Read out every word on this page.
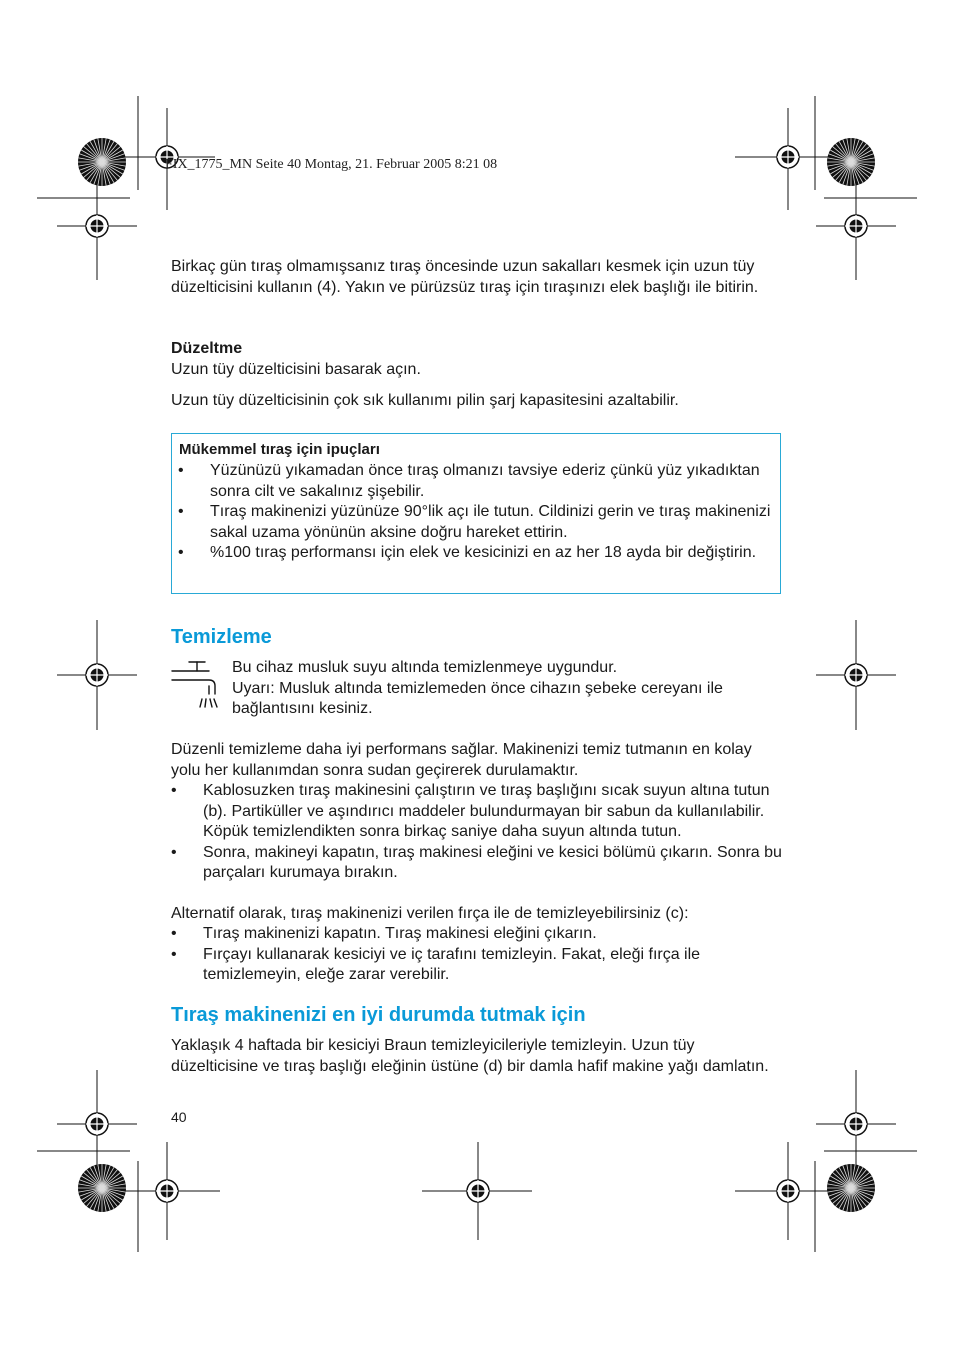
FIX_1775_MN Seite 40 Montag, 21. Februar 2005 8:21 08

Birkaç gün tıraş olmamışsanız tıraş öncesinde uzun sakalları kesmek için uzun tüy düzelticisini kullanın (4). Yakın ve pürüzsüz tıraş için tıraşınızı elek başlığı ile bitirin.

Düzeltme

Uzun tüy düzelticisini basarak açın.

Uzun tüy düzelticisinin çok sık kullanımı pilin şarj kapasitesini azaltabilir.

Mükemmel tıraş için ipuçları
• Yüzünüzü yıkamadan önce tıraş olmanızı tavsiye ederiz çünkü yüz yıkadıktan sonra cilt ve sakalınız şişebilir.
• Tıraş makinenizi yüzünüze 90°lik açı ile tutun. Cildinizi gerin ve tıraş makinenizi sakal uzama yönünün aksine doğru hareket ettirin.
• %100 tıraş performansı için elek ve kesicinizi en az her 18 ayda bir değiştirin.
Temizleme

Bu cihaz musluk suyu altında temizlenmeye uygundur.
Uyarı: Musluk altında temizlemeden önce cihazın şebeke cereyanı ile bağlantısını kesiniz.

Düzenli temizleme daha iyi performans sağlar. Makinenizi temiz tutmanın en kolay yolu her kullanımdan sonra sudan geçirerek durulamaktır.

• Kablosuzken tıraş makinesini çalıştırın ve tıraş başlığını sıcak suyun altına tutun (b). Partiküller ve aşındırıcı maddeler bulundurmayan bir sabun da kullanılabilir. Köpük temizlendikten sonra birkaç saniye daha suyun altında tutun.
• Sonra, makineyi kapatın, tıraş makinesi eleğini ve kesici bölümü çıkarın. Sonra bu parçaları kurumaya bırakın.

Alternatif olarak, tıraş makinenizi verilen fırça ile de temizleyebilirsiniz (c):

• Tıraş makinenizi kapatın. Tıraş makinesi eleğini çıkarın.
• Fırçayı kullanarak kesiciyi ve iç tarafını temizleyin. Fakat, eleği fırça ile temizlemeyin, eleğe zarar verebilir.
Tıraş makinenizi en iyi durumda tutmak için

Yaklaşık 4 haftada bir kesiciyi Braun temizleyicileriyle temizleyin. Uzun tüy düzelticisine ve tıraş başlığı eleğinin üstüne (d) bir damla hafif makine yağı damlatın.

40
